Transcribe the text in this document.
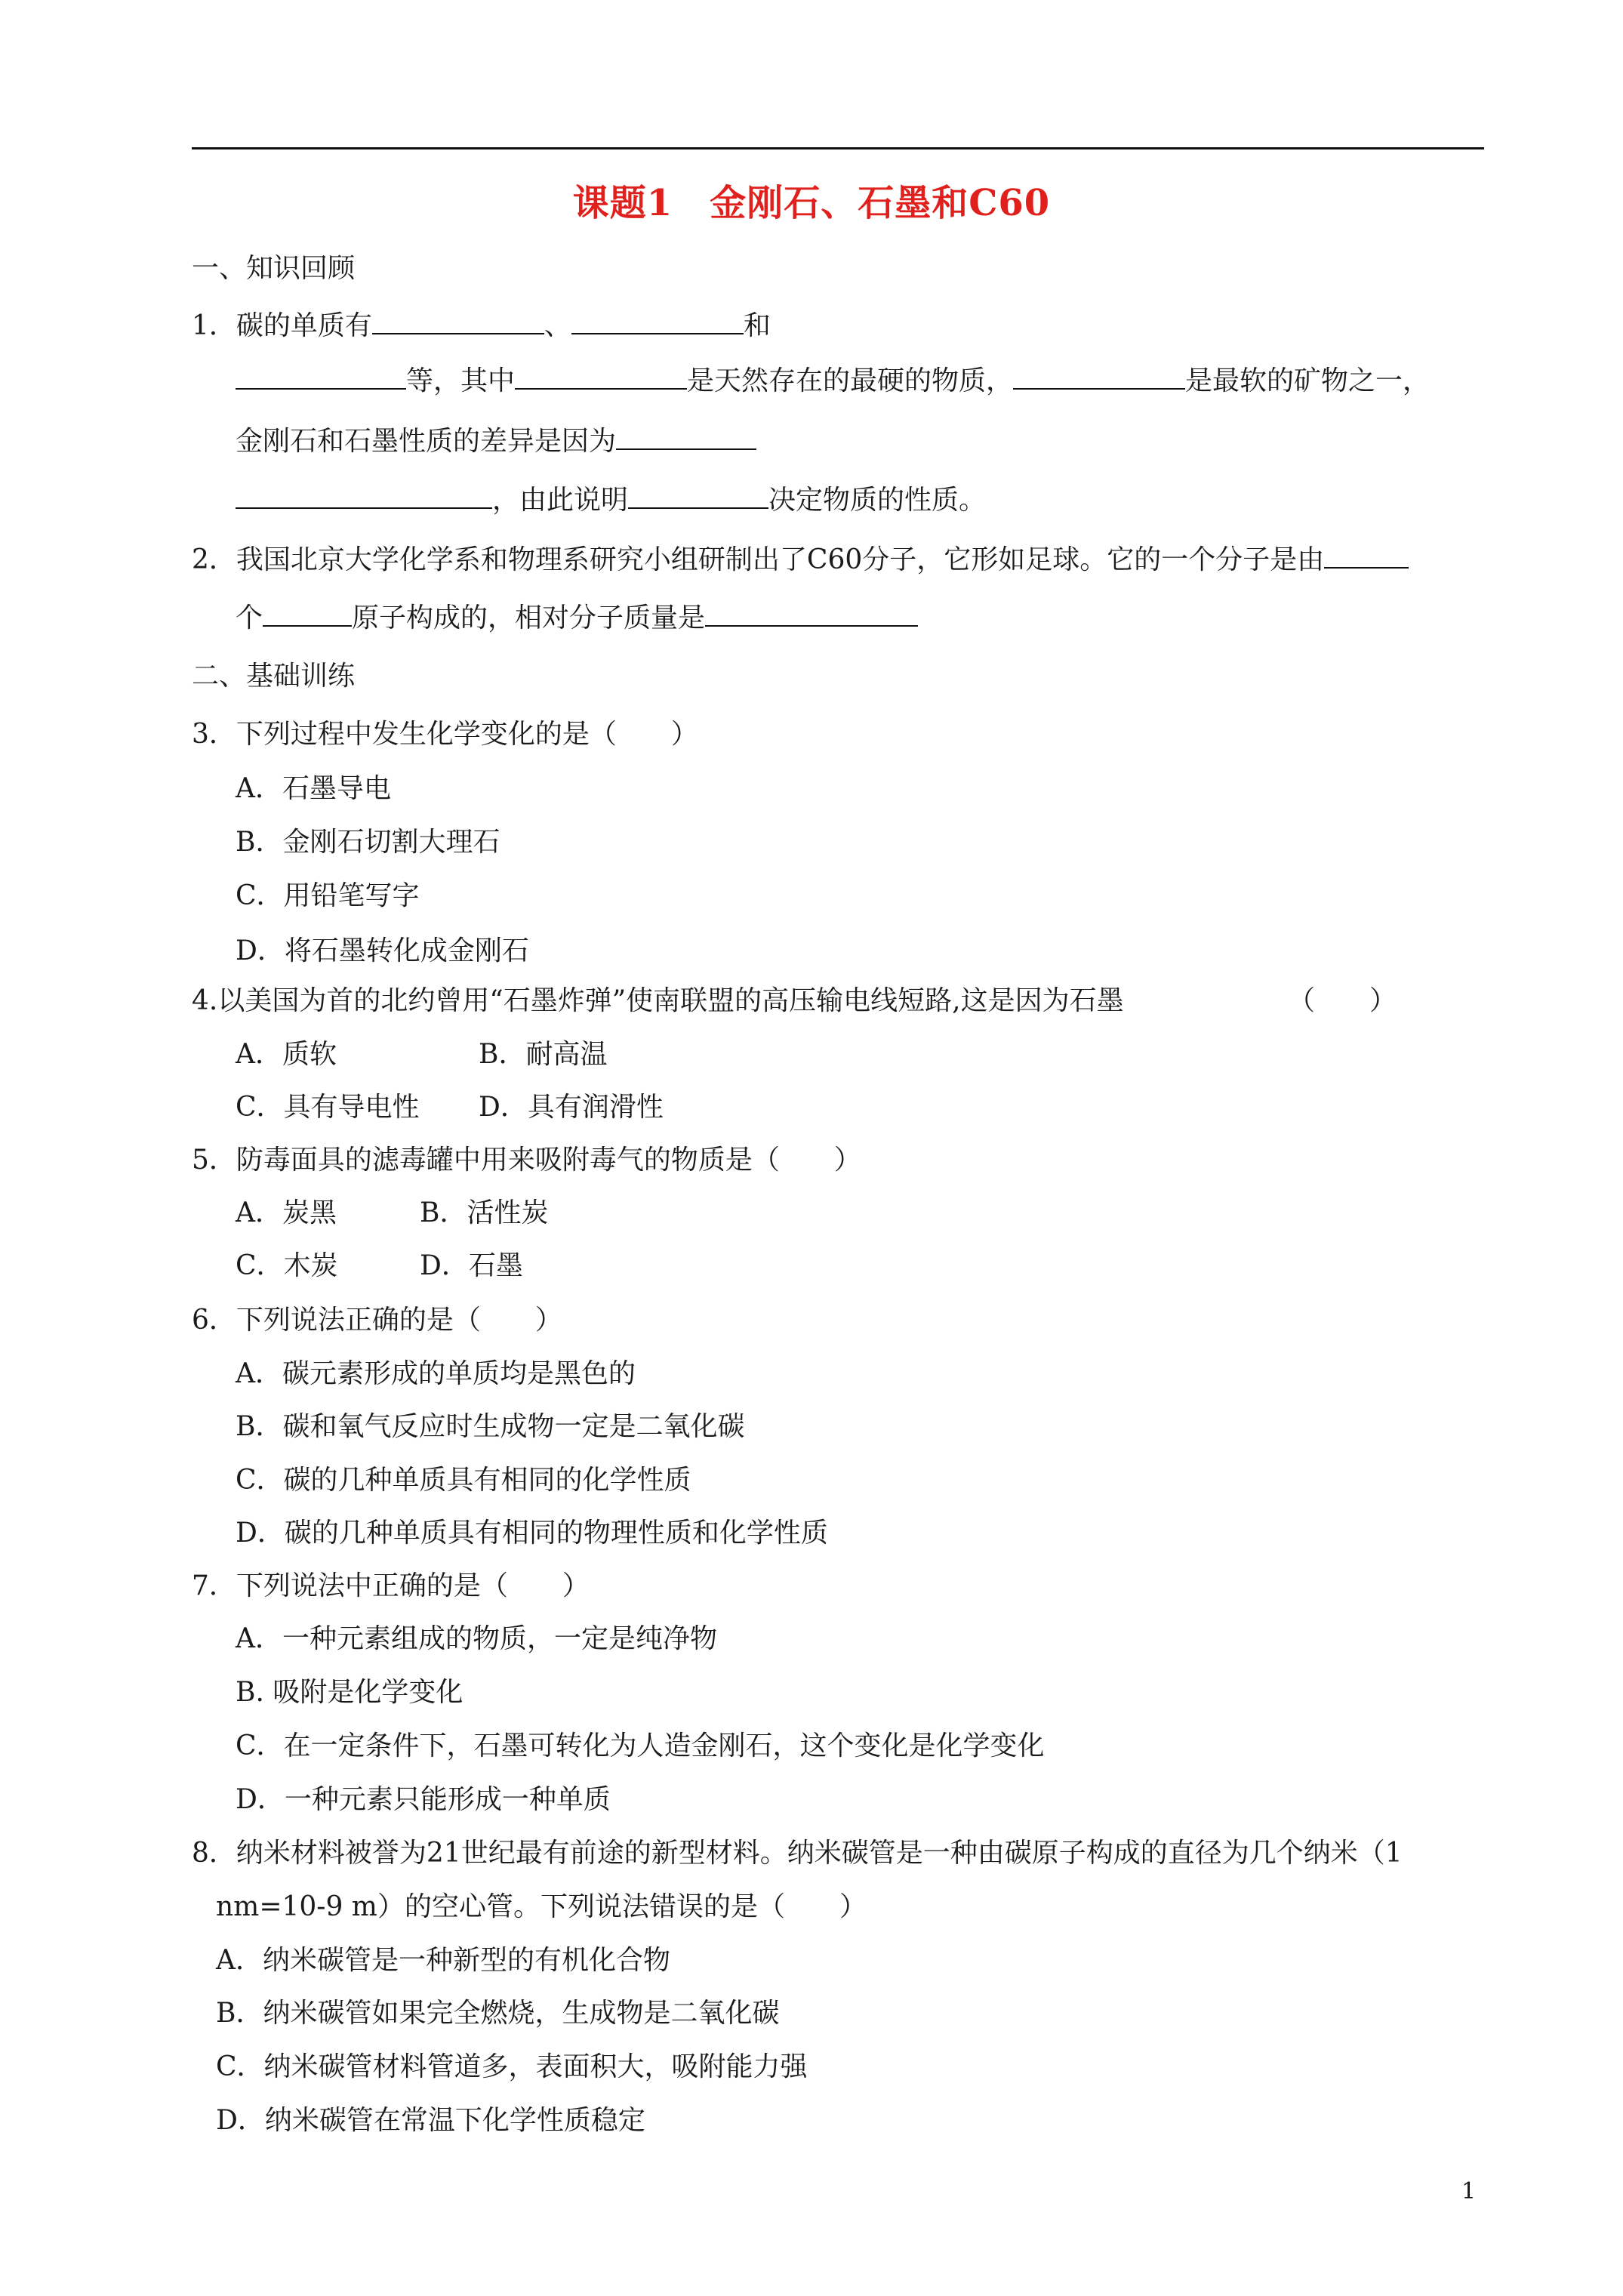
课题1　金刚石、石墨和C60
一、知识回顾
1．碳的单质有	、	和
等，其中	是天然存在的最硬的物质，	是最软的矿物之一，
金刚石和石墨性质的差异是因为
，由此说明	决定物质的性质。
2．我国北京大学化学系和物理系研究小组研制出了C60分子，它形如足球。它的一个分子是由
个	原子构成的，相对分子质量是
二、基础训练
3．下列过程中发生化学变化的是（　　）
A．石墨导电
B．金刚石切割大理石
C．用铅笔写字
D．将石墨转化成金刚石
4.以美国为首的北约曾用“石墨炸弹”使南联盟的高压输电线短路,这是因为石墨	（　　）
A．质软	B．耐高温
C．具有导电性 D．具有润滑性
5．防毒面具的滤毒罐中用来吸附毒气的物质是（　　）
A．炭黑	B．活性炭
C．木炭	D．石墨
6．下列说法正确的是（　　）
A．碳元素形成的单质均是黑色的
B．碳和氧气反应时生成物一定是二氧化碳
C．碳的几种单质具有相同的化学性质
D．碳的几种单质具有相同的物理性质和化学性质
7．下列说法中正确的是（　　）
A．一种元素组成的物质，一定是纯净物
B. 吸附是化学变化
C．在一定条件下，石墨可转化为人造金刚石，这个变化是化学变化
D．一种元素只能形成一种单质
8．纳米材料被誉为21世纪最有前途的新型材料。纳米碳管是一种由碳原子构成的直径为几个纳米（1
nm=10-9 m）的空心管。下列说法错误的是（　　）
A．纳米碳管是一种新型的有机化合物
B．纳米碳管如果完全燃烧，生成物是二氧化碳
C．纳米碳管材料管道多，表面积大，吸附能力强
D．纳米碳管在常温下化学性质稳定
1
